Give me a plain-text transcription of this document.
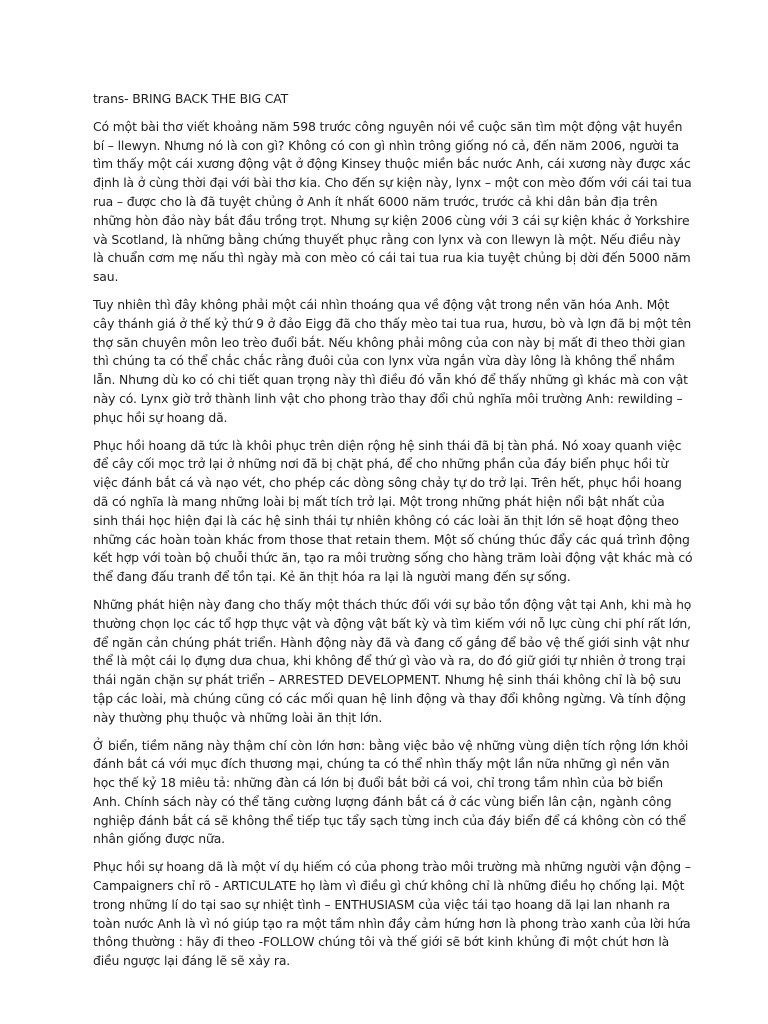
trans- BRING BACK THE BIG CAT

Có một bài thơ viết khoảng năm 598 trước công nguyên nói về cuộc săn tìm một động vật huyền bí – llewyn. Nhưng nó là con gì? Không có con gì nhìn trông giống nó cả, đến năm 2006, người ta tìm thấy một cái xương động vật ở động Kinsey thuộc miền bắc nước Anh, cái xương này được xác định là ở cùng thời đại với bài thơ kia. Cho đến sự kiện này, lynx – một con mèo đốm với cái tai tua rua – được cho là đã tuyệt chủng ở Anh ít nhất 6000 năm trước, trước cả khi dân bản địa trên những hòn đảo này bắt đầu trồng trọt. Nhưng sự kiện 2006 cùng với 3 cái sự kiện khác ở Yorkshire và Scotland, là những bằng chứng thuyết phục rằng con lynx và con llewyn là một. Nếu điều này là chuẩn cơm mẹ nấu thì ngày mà con mèo có cái tai tua rua kia tuyệt chủng bị dời đến 5000 năm sau.

Tuy nhiên thì đây không phải một cái nhìn thoáng qua về động vật trong nền văn hóa Anh. Một cây thánh giá ở thế kỷ thứ 9 ở đảo Eigg đã cho thấy mèo tai tua rua, hươu, bò và lợn đã bị một tên thợ săn chuyên môn leo trèo đuổi bắt. Nếu không phải mông của con này bị mất đi theo thời gian thì chúng ta có thể chắc chắc rằng đuôi của con lynx vừa ngắn vừa dày lông là không thể nhầm lẫn. Nhưng dù ko có chi tiết quan trọng này thì điều đó vẫn khó để thấy những gì khác mà con vật này có. Lynx giờ trở thành linh vật cho phong trào thay đổi chủ nghĩa môi trường Anh: rewilding – phục hồi sự hoang dã.

Phục hồi hoang dã tức là khôi phục trên diện rộng hệ sinh thái đã bị tàn phá. Nó xoay quanh việc để cây cối mọc trở lại ở những nơi đã bị chặt phá, để cho những phần của đáy biển phục hồi từ việc đánh bắt cá và nạo vét, cho phép các dòng sông chảy tự do trở lại. Trên hết, phục hồi hoang dã có nghĩa là mang những loài bị mất tích trở lại. Một trong những phát hiện nổi bật nhất của sinh thái học hiện đại là các hệ sinh thái tự nhiên không có các loài ăn thịt lớn sẽ hoạt động theo những các hoàn toàn khác from those that retain them. Một số chúng thúc đẩy các quá trình động kết hợp với toàn bộ chuỗi thức ăn, tạo ra môi trường sống cho hàng trăm loài động vật khác mà có thể đang đấu tranh để tồn tại. Kẻ ăn thịt hóa ra lại là người mang đến sự sống.

Những phát hiện này đang cho thấy một thách thức đối với sự bảo tồn động vật tại Anh, khi mà họ thường chọn lọc các tổ hợp thực vật và động vật bất kỳ và tìm kiếm với nỗ lực cùng chi phí rất lớn, để ngăn cản chúng phát triển. Hành động này đã và đang cố gắng để bảo vệ thế giới sinh vật như thể là một cái lọ đựng dưa chua, khi không để thứ gì vào và ra, do đó giữ giới tự nhiên ở trong trại thái ngăn chặn sự phát triển – ARRESTED DEVELOPMENT. Nhưng hệ sinh thái không chỉ là bộ sưu tập các loài, mà chúng cũng có các mối quan hệ linh động và thay đổi không ngừng. Và tính động này thường phụ thuộc và những loài ăn thịt lớn.

Ở biển, tiềm năng này thậm chí còn lớn hơn: bằng việc bảo vệ những vùng diện tích rộng lớn khỏi đánh bắt cá với mục đích thương mại, chúng ta có thể nhìn thấy một lần nữa những gì nền văn học thế kỷ 18 miêu tả: những đàn cá lớn bị đuổi bắt bởi cá voi, chỉ trong tầm nhìn của bờ biển Anh. Chính sách này có thể tăng cường lượng đánh bắt cá ở các vùng biển lân cận, ngành công nghiệp đánh bắt cá sẽ không thể tiếp tục tẩy sạch từng inch của đáy biển để cá không còn có thể nhân giống được nữa.

Phục hồi sự hoang dã là một ví dụ hiếm có của phong trào môi trường mà những người vận động – Campaigners chỉ rõ - ARTICULATE họ làm vì điều gì chứ không chỉ là những điều họ chống lại. Một trong những lí do tại sao sự nhiệt tình – ENTHUSIASM của việc tái tạo hoang dã lại lan nhanh ra toàn nước Anh là vì nó giúp tạo ra một tầm nhìn đầy cảm hứng hơn là phong trào xanh của lời hứa thông thường : hãy đi theo -FOLLOW chúng tôi và thế giới sẽ bớt kinh khủng đi một chút hơn là điều ngược lại đáng lẽ sẽ xảy ra.
